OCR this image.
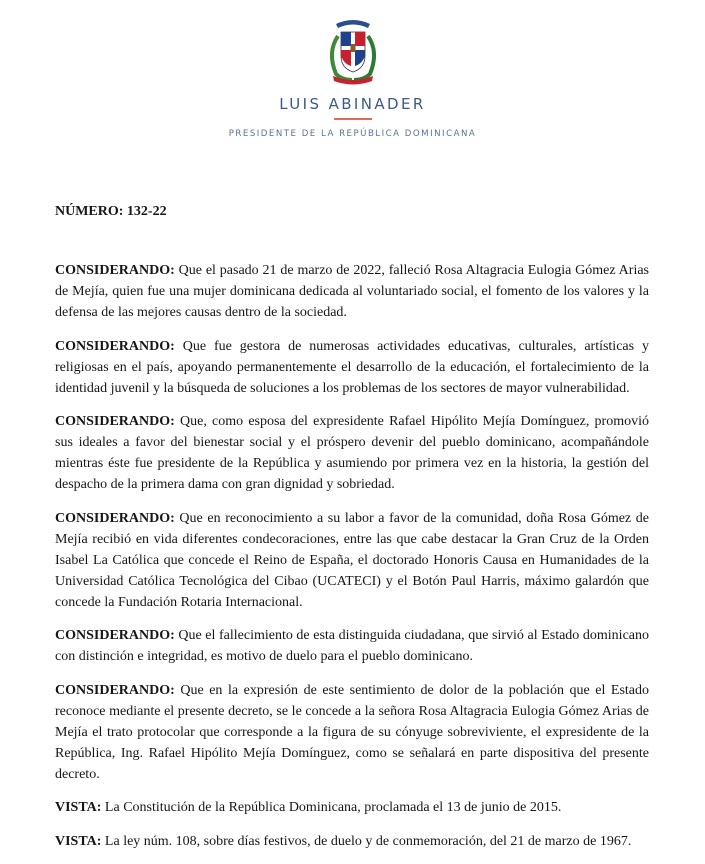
LUIS ABINADER
PRESIDENTE DE LA REPÚBLICA DOMINICANA
NÚMERO: 132-22

CONSIDERANDO: Que el pasado 21 de marzo de 2022, falleció Rosa Altagracia Eulogia Gómez Arias de Mejía, quien fue una mujer dominicana dedicada al voluntariado social, el fomento de los valores y la defensa de las mejores causas dentro de la sociedad.

CONSIDERANDO: Que fue gestora de numerosas actividades educativas, culturales, artísticas y religiosas en el país, apoyando permanentemente el desarrollo de la educación, el fortalecimiento de la identidad juvenil y la búsqueda de soluciones a los problemas de los sectores de mayor vulnerabilidad.

CONSIDERANDO: Que, como esposa del expresidente Rafael Hipólito Mejía Domínguez, promovió sus ideales a favor del bienestar social y el próspero devenir del pueblo dominicano, acompañándole mientras éste fue presidente de la República y asumiendo por primera vez en la historia, la gestión del despacho de la primera dama con gran dignidad y sobriedad.

CONSIDERANDO: Que en reconocimiento a su labor a favor de la comunidad, doña Rosa Gómez de Mejía recibió en vida diferentes condecoraciones, entre las que cabe destacar la Gran Cruz de la Orden Isabel La Católica que concede el Reino de España, el doctorado Honoris Causa en Humanidades de la Universidad Católica Tecnológica del Cibao (UCATECI) y el Botón Paul Harris, máximo galardón que concede la Fundación Rotaria Internacional.

CONSIDERANDO: Que el fallecimiento de esta distinguida ciudadana, que sirvió al Estado dominicano con distinción e integridad, es motivo de duelo para el pueblo dominicano.

CONSIDERANDO: Que en la expresión de este sentimiento de dolor de la población que el Estado reconoce mediante el presente decreto, se le concede a la señora Rosa Altagracia Eulogia Gómez Arias de Mejía el trato protocolar que corresponde a la figura de su cónyuge sobreviviente, el expresidente de la República, Ing. Rafael Hipólito Mejía Domínguez, como se señalará en parte dispositiva del presente decreto.

VISTA: La Constitución de la República Dominicana, proclamada el 13 de junio de 2015.

VISTA: La ley núm. 108, sobre días festivos, de duelo y de conmemoración, del 21 de marzo de 1967.
